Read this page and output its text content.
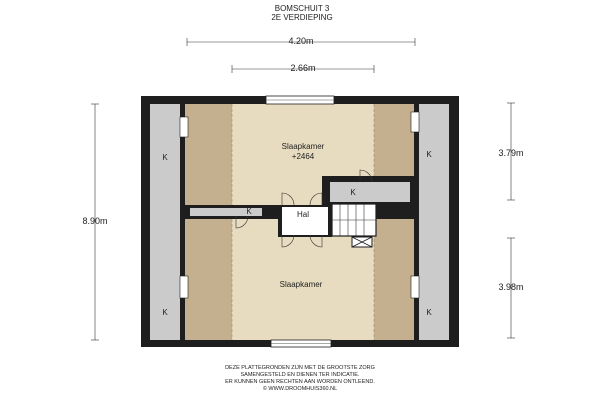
BOMSCHUIT 3
2E VERDIEPING
4.20m
2.66m
8.90m
3.79m
3.98m
K	K
K	K
K
K
Slaapkamer
+2464
Hal
Slaapkamer
DEZE PLATTEGRONDEN ZIJN MET DE GROOTSTE ZORG
SAMENGESTELD EN DIENEN TER INDICATIE.
ER KUNNEN GEEN RECHTEN AAN WORDEN ONTLEEND.
© WWW.DROOMHUIS360.NL
